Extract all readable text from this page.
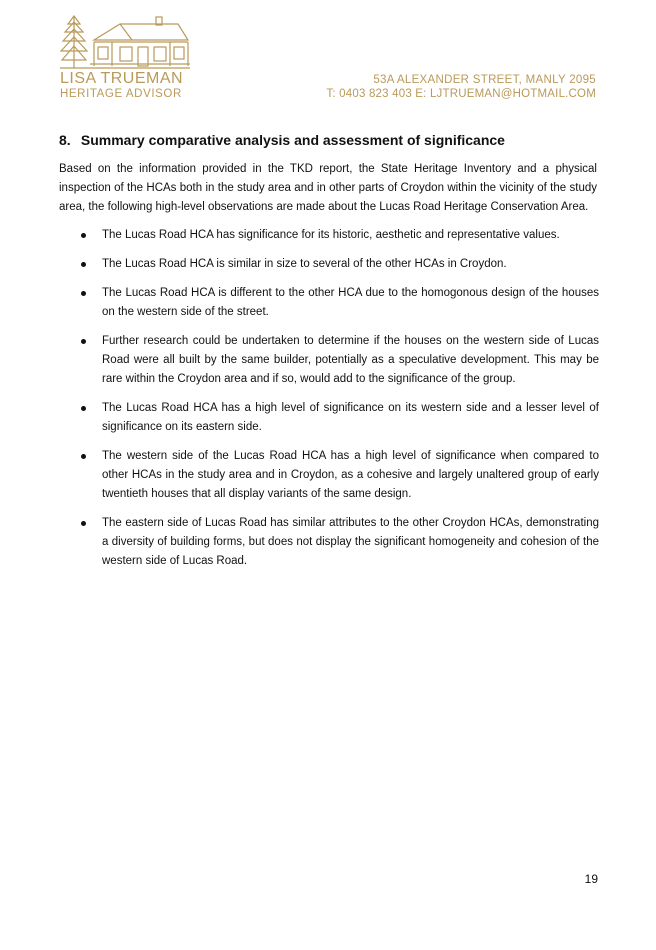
LISA TRUEMAN
HERITAGE ADVISOR
53A ALEXANDER STREET, MANLY 2095
T: 0403 823 403 E: LJTRUEMAN@HOTMAIL.COM
8. Summary comparative analysis and assessment of significance
Based on the information provided in the TKD report, the State Heritage Inventory and a physical inspection of the HCAs both in the study area and in other parts of Croydon within the vicinity of the study area, the following high-level observations are made about the Lucas Road Heritage Conservation Area.
The Lucas Road HCA has significance for its historic, aesthetic and representative values.
The Lucas Road HCA is similar in size to several of the other HCAs in Croydon.
The Lucas Road HCA is different to the other HCA due to the homogonous design of the houses on the western side of the street.
Further research could be undertaken to determine if the houses on the western side of Lucas Road were all built by the same builder, potentially as a speculative development. This may be rare within the Croydon area and if so, would add to the significance of the group.
The Lucas Road HCA has a high level of significance on its western side and a lesser level of significance on its eastern side.
The western side of the Lucas Road HCA has a high level of significance when compared to other HCAs in the study area and in Croydon, as a cohesive and largely unaltered group of early twentieth houses that all display variants of the same design.
The eastern side of Lucas Road has similar attributes to the other Croydon HCAs, demonstrating a diversity of building forms, but does not display the significant homogeneity and cohesion of the western side of Lucas Road.
19
